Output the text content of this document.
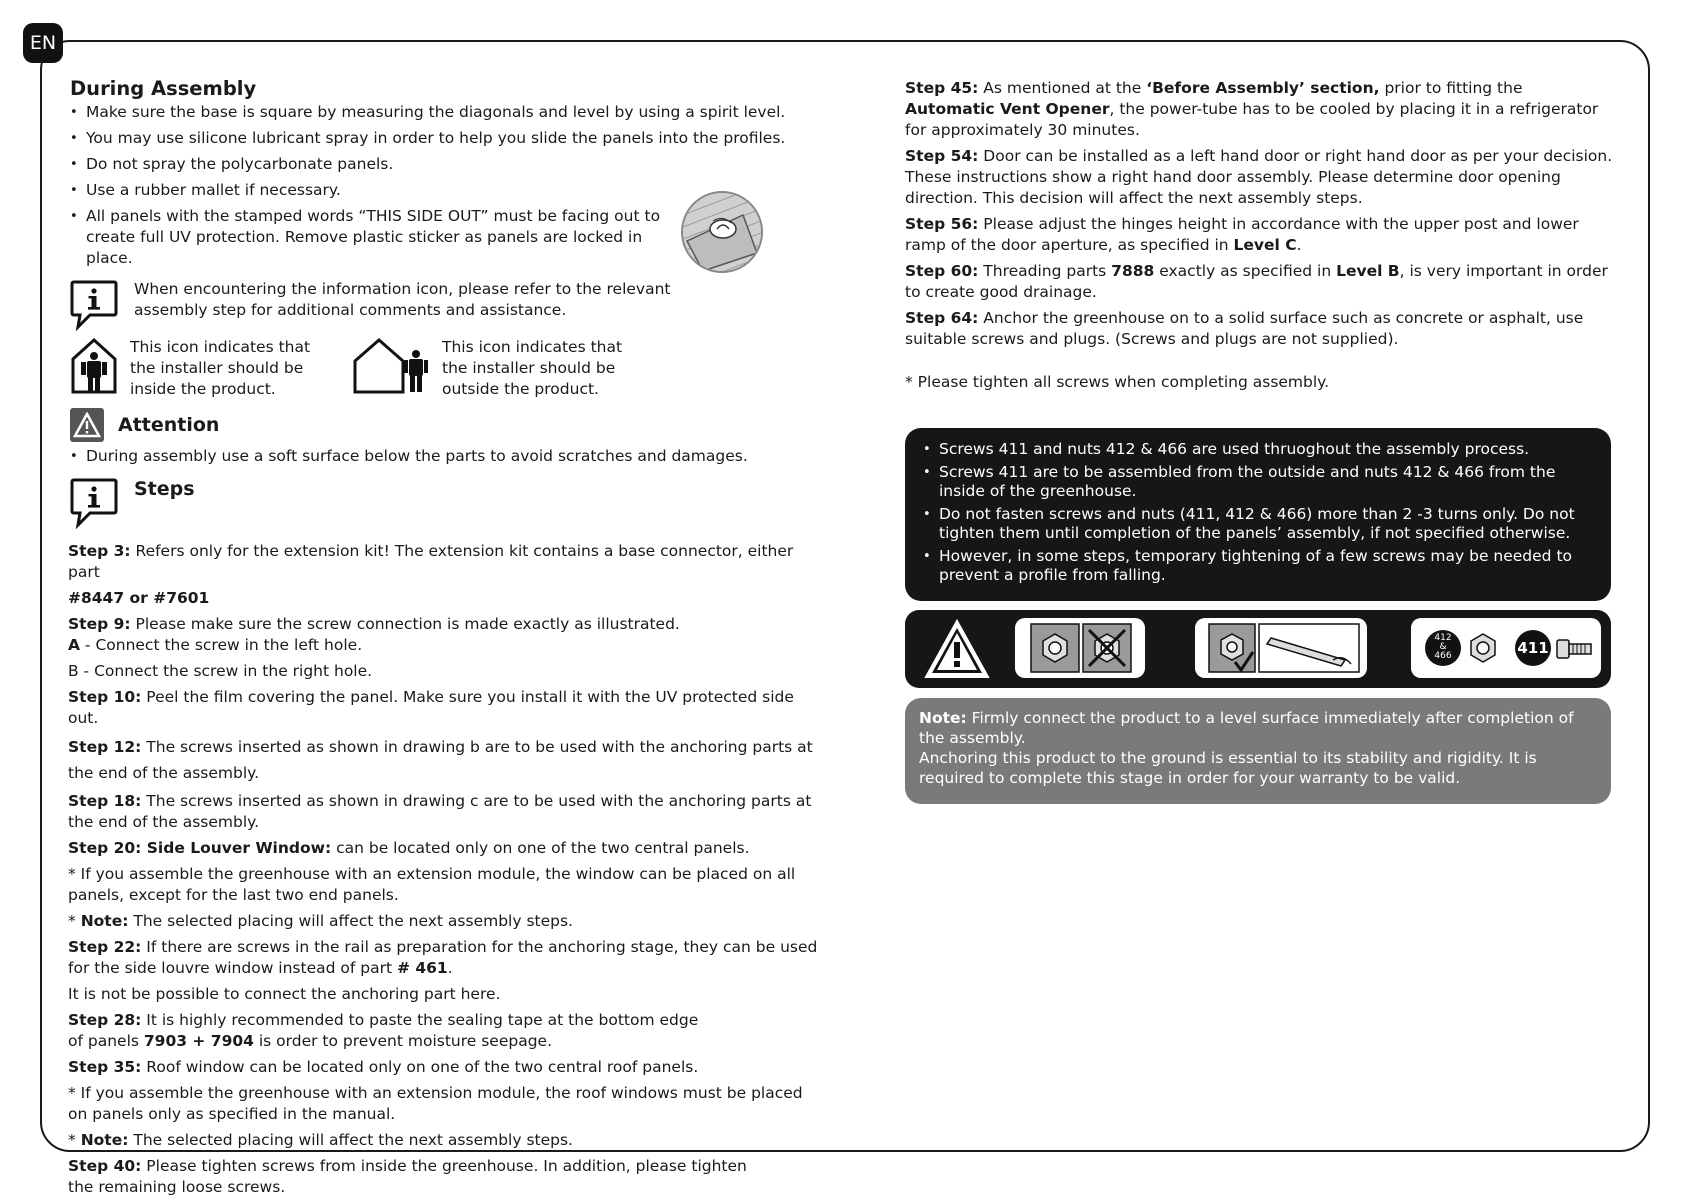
EN
During Assembly
• Make sure the base is square by measuring the diagonals and level by using a spirit level.
• You may use silicone lubricant spray in order to help you slide the panels into the profiles.
• Do not spray the polycarbonate panels.
• Use a rubber mallet if necessary.
• All panels with the stamped words “THIS SIDE OUT” must be facing out to create full UV protection. Remove plastic sticker as panels are locked in place.
When encountering the information icon, please refer to the relevant assembly step for additional comments and assistance.
This icon indicates that the installer should be inside the product.
This icon indicates that the installer should be outside the product.
Attention
• During assembly use a soft surface below the parts to avoid scratches and damages.
Steps

Step 3: Refers only for the extension kit! The extension kit contains a base connector, either part

#8447 or #7601

Step 9: Please make sure the screw connection is made exactly as illustrated.

A - Connect the screw in the left hole.

B - Connect the screw in the right hole.

Step 10: Peel the film covering the panel. Make sure you install it with the UV protected side out.

Step 12: The screws inserted as shown in drawing b are to be used with the anchoring parts at the end of the assembly.

Step 18: The screws inserted as shown in drawing c are to be used with the anchoring parts at the end of the assembly.

Step 20: Side Louver Window: can be located only on one of the two central panels.

* If you assemble the greenhouse with an extension module, the window can be placed on all panels, except for the last two end panels.

* Note: The selected placing will affect the next assembly steps.

Step 22: If there are screws in the rail as preparation for the anchoring stage, they can be used for the side louvre window instead of part # 461.

It is not be possible to connect the anchoring part here.

Step 28: It is highly recommended to paste the sealing tape at the bottom edge of panels 7903 + 7904 is order to prevent moisture seepage.

Step 35: Roof window can be located only on one of the two central roof panels.

* If you assemble the greenhouse with an extension module, the roof windows must be placed on panels only as specified in the manual.

* Note: The selected placing will affect the next assembly steps.

Step 40: Please tighten screws from inside the greenhouse. In addition, please tighten the remaining loose screws.

Step 45: As mentioned at the ‘Before Assembly’ section, prior to fitting the Automatic Vent Opener, the power-tube has to be cooled by placing it in a refrigerator for approximately 30 minutes.

Step 54: Door can be installed as a left hand door or right hand door as per your decision. These instructions show a right hand door assembly. Please determine door opening direction. This decision will affect the next assembly steps.

Step 56: Please adjust the hinges height in accordance with the upper post and lower ramp of the door aperture, as specified in Level C.

Step 60: Threading parts 7888 exactly as specified in Level B, is very important in order to create good drainage.

Step 64: Anchor the greenhouse on to a solid surface such as concrete or asphalt, use suitable screws and plugs. (Screws and plugs are not supplied).

* Please tighten all screws when completing assembly.

• Screws 411 and nuts 412 & 466 are used thruoghout the assembly process.
• Screws 411 are to be assembled from the outside and nuts 412 & 466 from the inside of the greenhouse.
• Do not fasten screws and nuts (411, 412 & 466) more than 2 -3 turns only. Do not tighten them until completion of the panels’ assembly, if not specified otherwise.
• However, in some steps, temporary tightening of a few screws may be needed to prevent a profile from falling.
412
&
466	411
Note: Firmly connect the product to a level surface immediately after completion of the assembly.
Anchoring this product to the ground is essential to its stability and rigidity. It is required to complete this stage in order for your warranty to be valid.
